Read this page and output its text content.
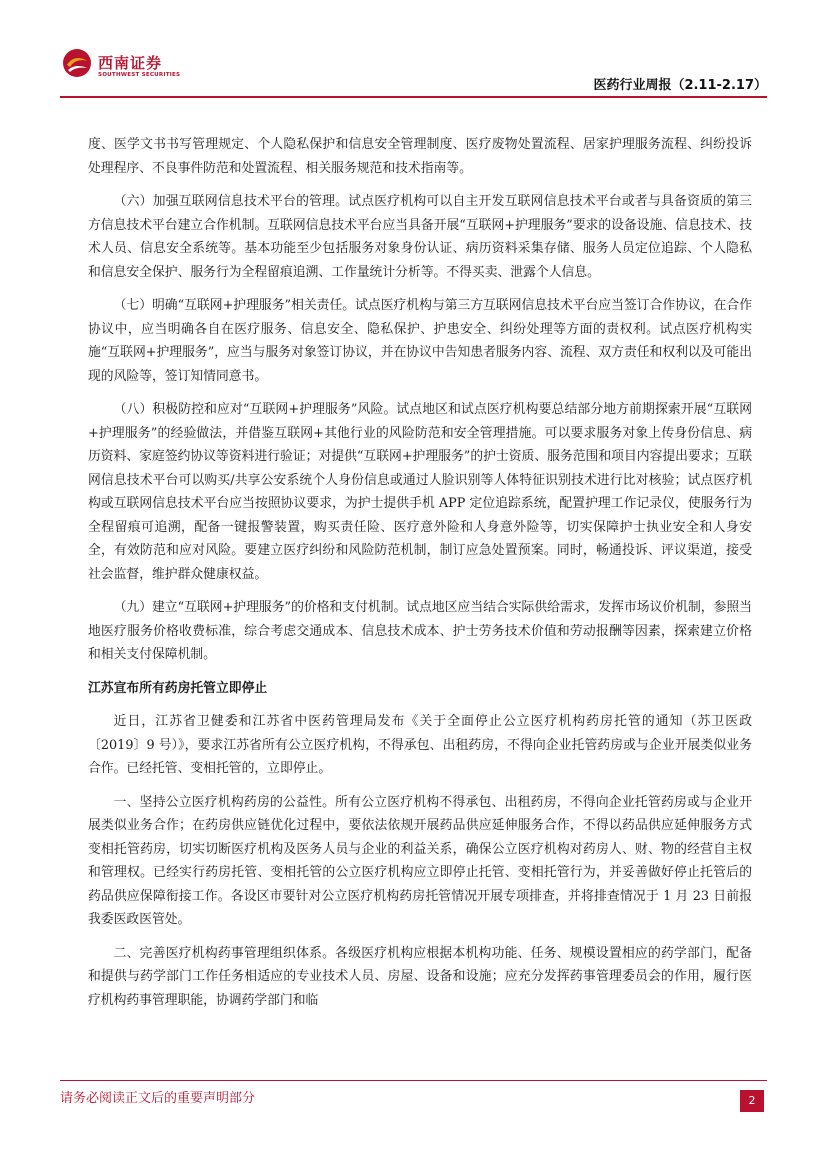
西南证券
SOUTHWEST SECURITIES
医药行业周报（2.11-2.17）

度、医学文书书写管理规定、个人隐私保护和信息安全管理制度、医疗废物处置流程、居家护理服务流程、纠纷投诉处理程序、不良事件防范和处置流程、相关服务规范和技术指南等。

（六）加强互联网信息技术平台的管理。试点医疗机构可以自主开发互联网信息技术平台或者与具备资质的第三方信息技术平台建立合作机制。互联网信息技术平台应当具备开展“互联网+护理服务”要求的设备设施、信息技术、技术人员、信息安全系统等。基本功能至少包括服务对象身份认证、病历资料采集存储、服务人员定位追踪、个人隐私和信息安全保护、服务行为全程留痕追溯、工作量统计分析等。不得买卖、泄露个人信息。

（七）明确“互联网+护理服务”相关责任。试点医疗机构与第三方互联网信息技术平台应当签订合作协议，在合作协议中，应当明确各自在医疗服务、信息安全、隐私保护、护患安全、纠纷处理等方面的责权利。试点医疗机构实施“互联网+护理服务”，应当与服务对象签订协议，并在协议中告知患者服务内容、流程、双方责任和权利以及可能出现的风险等，签订知情同意书。

（八）积极防控和应对“互联网+护理服务”风险。试点地区和试点医疗机构要总结部分地方前期探索开展“互联网+护理服务”的经验做法，并借鉴互联网+其他行业的风险防范和安全管理措施。可以要求服务对象上传身份信息、病历资料、家庭签约协议等资料进行验证；对提供“互联网+护理服务”的护士资质、服务范围和项目内容提出要求；互联网信息技术平台可以购买/共享公安系统个人身份信息或通过人脸识别等人体特征识别技术进行比对核验；试点医疗机构或互联网信息技术平台应当按照协议要求，为护士提供手机 APP 定位追踪系统，配置护理工作记录仪，使服务行为全程留痕可追溯，配备一键报警装置，购买责任险、医疗意外险和人身意外险等，切实保障护士执业安全和人身安全，有效防范和应对风险。要建立医疗纠纷和风险防范机制，制订应急处置预案。同时，畅通投诉、评议渠道，接受社会监督，维护群众健康权益。

（九）建立“互联网+护理服务”的价格和支付机制。试点地区应当结合实际供给需求，发挥市场议价机制，参照当地医疗服务价格收费标准，综合考虑交通成本、信息技术成本、护士劳务技术价值和劳动报酬等因素，探索建立价格和相关支付保障机制。

江苏宣布所有药房托管立即停止

近日，江苏省卫健委和江苏省中医药管理局发布《关于全面停止公立医疗机构药房托管的通知（苏卫医政〔2019〕9 号）》，要求江苏省所有公立医疗机构，不得承包、出租药房，不得向企业托管药房或与企业开展类似业务合作。已经托管、变相托管的，立即停止。

一、坚持公立医疗机构药房的公益性。所有公立医疗机构不得承包、出租药房，不得向企业托管药房或与企业开展类似业务合作；在药房供应链优化过程中，要依法依规开展药品供应延伸服务合作，不得以药品供应延伸服务方式变相托管药房，切实切断医疗机构及医务人员与企业的利益关系，确保公立医疗机构对药房人、财、物的经营自主权和管理权。已经实行药房托管、变相托管的公立医疗机构应立即停止托管、变相托管行为，并妥善做好停止托管后的药品供应保障衔接工作。各设区市要针对公立医疗机构药房托管情况开展专项排查，并将排查情况于 1 月 23 日前报我委医政医管处。

二、完善医疗机构药事管理组织体系。各级医疗机构应根据本机构功能、任务、规模设置相应的药学部门，配备和提供与药学部门工作任务相适应的专业技术人员、房屋、设备和设施；应充分发挥药事管理委员会的作用，履行医疗机构药事管理职能，协调药学部门和临

请务必阅读正文后的重要声明部分	2
